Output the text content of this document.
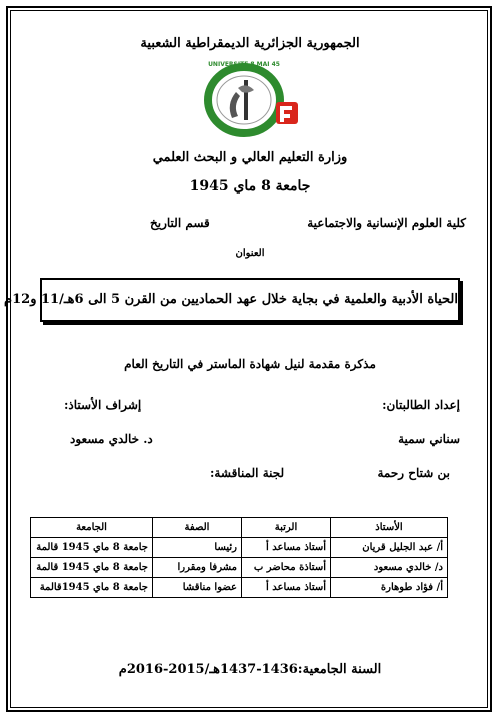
الجمهورية الجزائرية الديمقراطية الشعبية
UNIVERSITE 8 MAI 45
وزارة التعليم العالي و البحث العلمي
جامعة 8 ماي 1945
كلية العلوم الإنسانية والاجتماعية
قسم التاريخ
العنوان
الحياة الأدبية والعلمية في بجاية خلال عهد الحماديين من القرن 5 الى 6هـ/11 و12م
مذكرة مقدمة لنيل شهادة الماستر في التاريخ العام
إعداد الطالبتان:
إشراف الأستاذ:
سناني سمية
د. خالدي مسعود
بن شتاح رحمة
لجنة المناقشة:
الأستاذ	الرتبة	الصفة	الجامعة
أ/ عبد الجليل قريان	أستاذ مساعد أ	رئيسا	جامعة 8 ماي 1945 قالمة
د/ خالدي مسعود	أستاذة محاضر ب	مشرفا ومقررا	جامعة 8 ماي 1945 قالمة
أ/ فؤاد طوهارة	أستاذ مساعد أ	عضوا مناقشا	جامعة 8 ماي 1945قالمة
السنة الجامعية:1436-1437هـ/2015-2016م
